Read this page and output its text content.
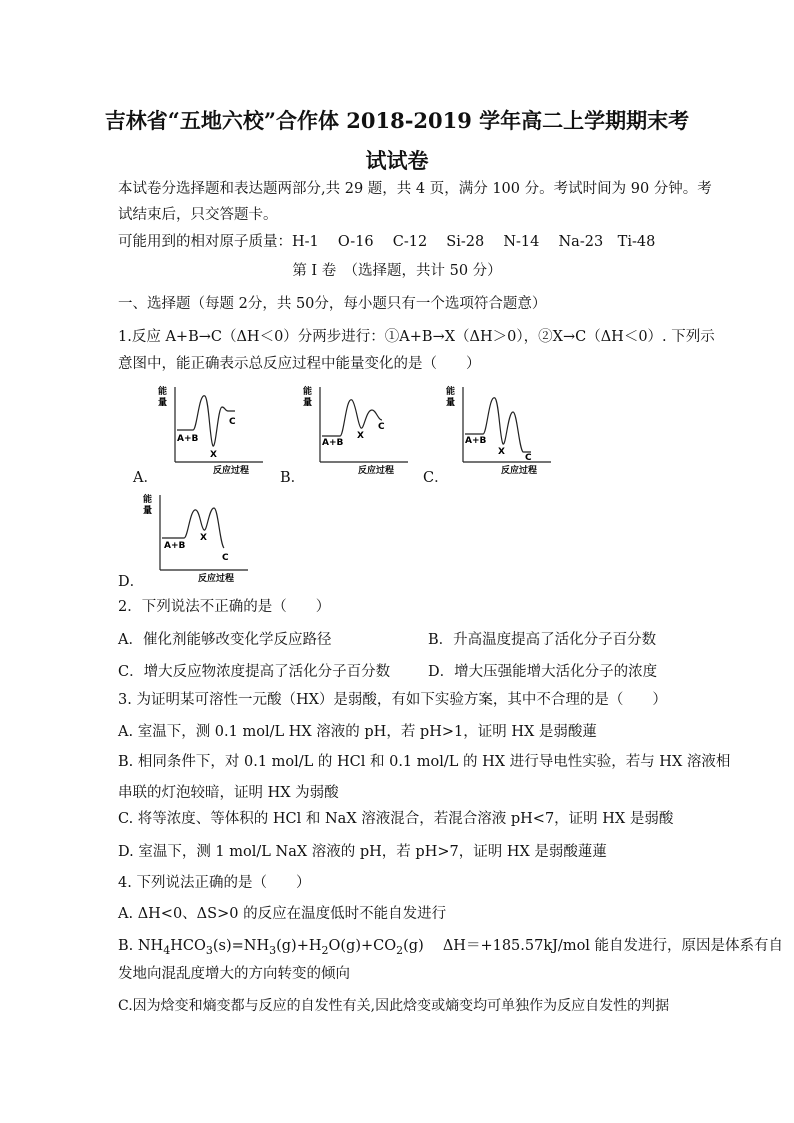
吉林省“五地六校”合作体 2018-2019 学年高二上学期期末考
试试卷
本试卷分选择题和表达题两部分,共 29 题，共 4 页，满分 100 分。考试时间为 90 分钟。考
试结束后，只交答题卡。
可能用到的相对原子质量：H-1　 O-16　 C-12　 Si-28　 N-14　 Na-23　Ti-48
第 I 卷　（选择题，共计 50 分）
一、选择题（每题 2分，共 50分，每小题只有一个选项符合题意）
1.反应 A+B→C（ΔH＜0）分两步进行：①A+B→X（ΔH＞0），②X→C（ΔH＜0）. 下列示
意图中，能正确表示总反应过程中能量变化的是（　　）
能
量
A+B
X
C
反应过程
A．
能
量
A+B
X
C
反应过程
B．
能
量
A+B
X
C
反应过程
C．
能
量
A+B
X
C
反应过程
D．
2．下列说法不正确的是（　　）
A．催化剂能够改变化学反应路径	B．升高温度提高了活化分子百分数
C．增大反应物浓度提高了活化分子百分数	D．增大压强能增大活化分子的浓度
3. 为证明某可溶性一元酸（HX）是弱酸，有如下实验方案，其中不合理的是（　　）
A. 室温下，测 0.1 mol/L HX 溶液的 pH，若 pH>1，证明 HX 是弱酸蓮
B. 相同条件下，对 0.1 mol/L 的 HCl 和 0.1 mol/L 的 HX 进行导电性实验，若与 HX 溶液相
串联的灯泡较暗，证明 HX 为弱酸
C. 将等浓度、等体积的 HCl 和 NaX 溶液混合，若混合溶液 pH<7，证明 HX 是弱酸
D. 室温下，测 1 mol/L NaX 溶液的 pH，若 pH>7，证明 HX 是弱酸蓮蓮
4. 下列说法正确的是（　　）
A. ΔH<0、ΔS>0 的反应在温度低时不能自发进行
B. $NH_4HCO_3(s)=NH_3(g)+H_2O(g)+CO_2(g)$　 ΔH＝+185.57kJ/mol 能自发进行，原因是体系有自
发地向混乱度增大的方向转变的倾向
C.因为焓变和熵变都与反应的自发性有关,因此焓变或熵变均可单独作为反应自发性的判据
